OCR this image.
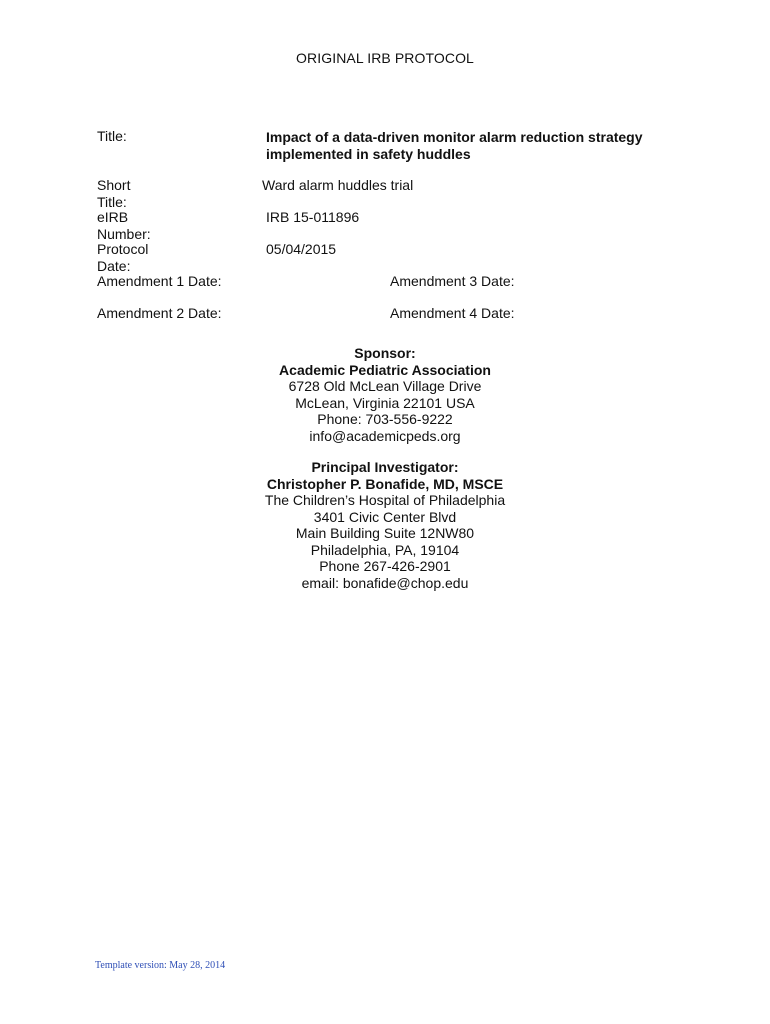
ORIGINAL IRB PROTOCOL
Title:	Impact of a data-driven monitor alarm reduction strategy
implemented in safety huddles
Short Title:
Ward alarm huddles trial
eIRB Number:
IRB 15-011896
Protocol Date:
05/04/2015
Amendment 1 Date:	Amendment 3 Date:
Amendment 2 Date:	Amendment 4 Date:
Sponsor:
Academic Pediatric Association
6728 Old McLean Village Drive
McLean, Virginia 22101 USA
Phone: 703-556-9222
info@academicpeds.org
Principal Investigator:
Christopher P. Bonafide, MD, MSCE
The Children’s Hospital of Philadelphia
3401 Civic Center Blvd
Main Building Suite 12NW80
Philadelphia, PA, 19104
Phone 267-426-2901
email: bonafide@chop.edu
Template version: May 28, 2014
